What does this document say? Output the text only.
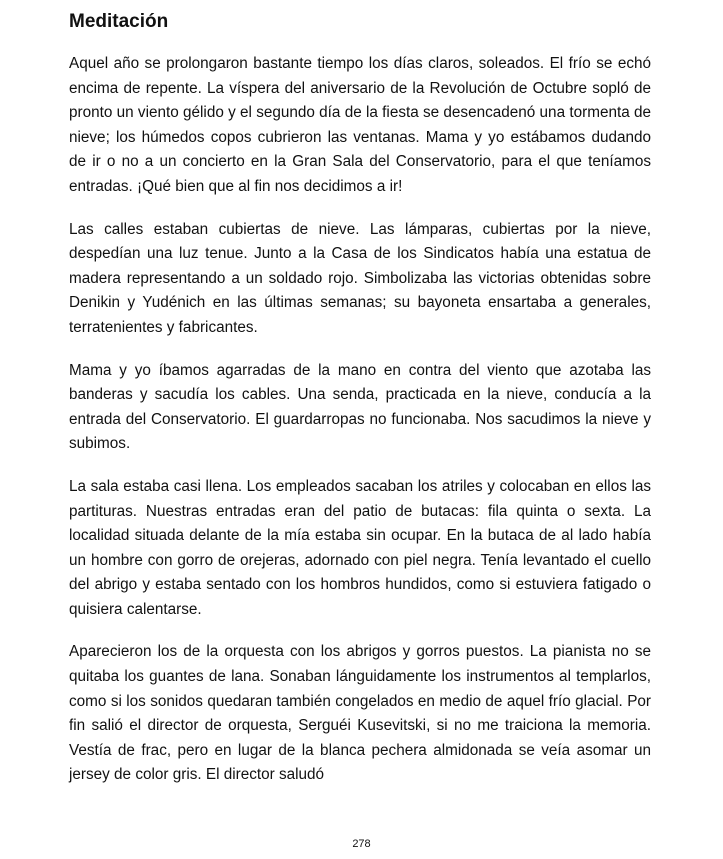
Meditación

Aquel año se prolongaron bastante tiempo los días claros, soleados. El frío se echó encima de repente. La víspera del aniversario de la Revolución de Octubre sopló de pronto un viento gélido y el segundo día de la fiesta se desencadenó una tormenta de nieve; los húmedos copos cubrieron las ventanas. Mama y yo estábamos dudando de ir o no a un concierto en la Gran Sala del Conservatorio, para el que teníamos entradas. ¡Qué bien que al fin nos decidimos a ir!

Las calles estaban cubiertas de nieve. Las lámparas, cubiertas por la nieve, despedían una luz tenue. Junto a la Casa de los Sindicatos había una estatua de madera representando a un soldado rojo. Simbolizaba las victorias obtenidas sobre Denikin y Yudénich en las últimas semanas; su bayoneta ensartaba a generales, terratenientes y fabricantes.

Mama y yo íbamos agarradas de la mano en contra del viento que azotaba las banderas y sacudía los cables. Una senda, practicada en la nieve, conducía a la entrada del Conservatorio. El guardarropas no funcionaba. Nos sacudimos la nieve y subimos.

La sala estaba casi llena. Los empleados sacaban los atriles y colocaban en ellos las partituras. Nuestras entradas eran del patio de butacas: fila quinta o sexta. La localidad situada delante de la mía estaba sin ocupar. En la butaca de al lado había un hombre con gorro de orejeras, adornado con piel negra. Tenía levantado el cuello del abrigo y estaba sentado con los hombros hundidos, como si estuviera fatigado o quisiera calentarse.

Aparecieron los de la orquesta con los abrigos y gorros puestos. La pianista no se quitaba los guantes de lana. Sonaban lánguidamente los instrumentos al templarlos, como si los sonidos quedaran también congelados en medio de aquel frío glacial. Por fin salió el director de orquesta, Serguéi Kusevitski, si no me traiciona la memoria. Vestía de frac, pero en lugar de la blanca pechera almidonada se veía asomar un jersey de color gris. El director saludó

278
